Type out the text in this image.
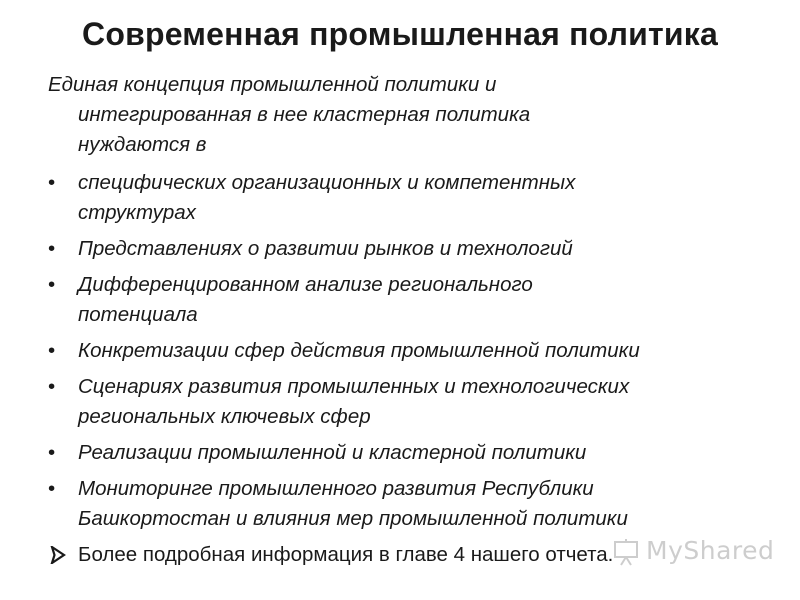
Современная промышленная политика
Единая концепция промышленной политики и
интегрированная в нее кластерная политика
нуждаются в
• специфических организационных и компетентных
структурах
• Представлениях о развитии рынков и технологий
• Дифференцированном анализе регионального
потенциала
• Конкретизации сфер действия промышленной политики
• Сценариях развития промышленных и технологических
региональных ключевых сфер
• Реализации промышленной и кластерной политики
• Мониторинге промышленного развития Республики
Башкортостан и влияния мер промышленной политики
Более подробная информация в главе 4 нашего отчета.	MyShared
